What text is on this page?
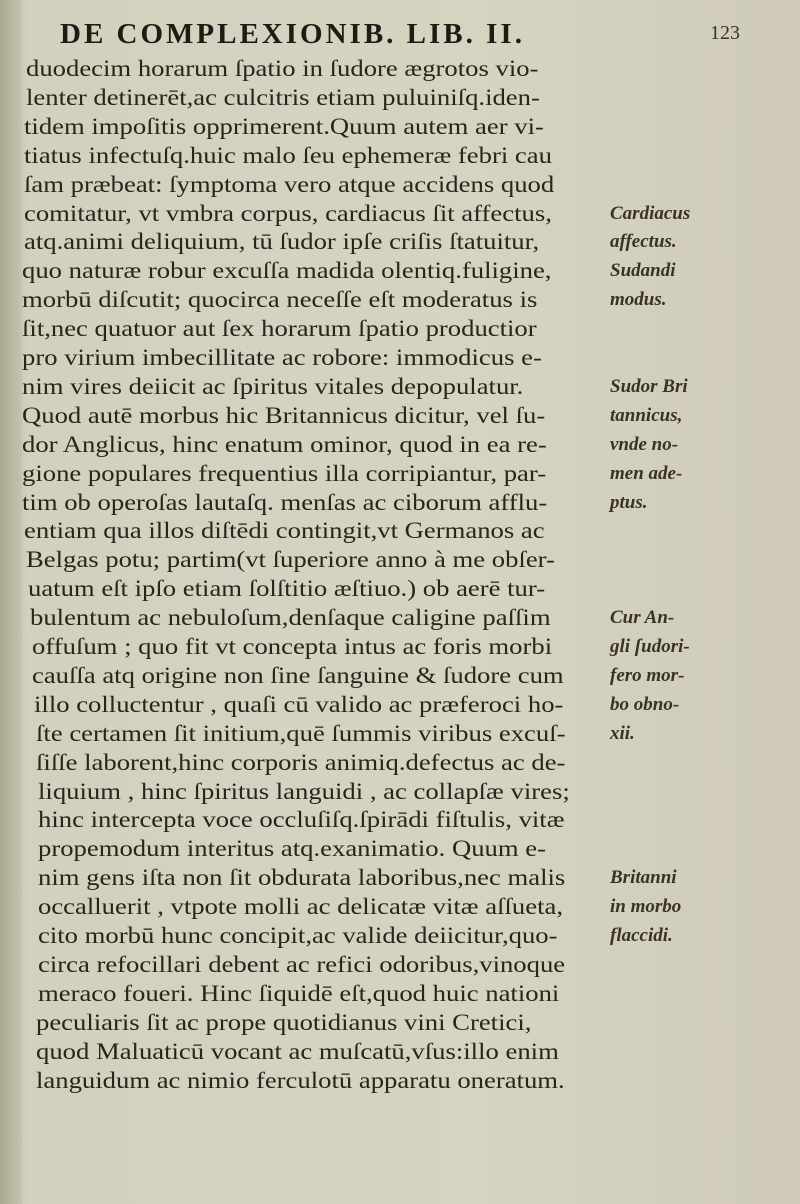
DE COMPLEXIONIB. LIB. II.	123
duodecim horarum ſpatio in ſudore ægrotos vio-
lenter detinerēt,ac culcitris etiam puluiniſq.iden-
tidem impoſitis opprimerent.Quum autem aer vi-
tiatus infectuſq.huic malo ſeu ephemeræ febri cau
ſam præbeat: ſymptoma vero atque accidens quod
comitatur, vt vmbra corpus, cardiacus ſit affectus,	Cardiacus
atq.animi deliquium, tū ſudor ipſe criſis ſtatuitur,	affectus.
quo naturæ robur excuſſa madida olentiq.fuligine,	Sudandi
morbū diſcutit; quocirca neceſſe eſt moderatus is	modus.
ſit,nec quatuor aut ſex horarum ſpatio productior
pro virium imbecillitate ac robore: immodicus e-
nim vires deiicit ac ſpiritus vitales depopulatur.	Sudor Bri
Quod autē morbus hic Britannicus dicitur, vel ſu-	tannicus,
dor Anglicus, hinc enatum ominor, quod in ea re-	vnde no-
gione populares frequentius illa corripiantur, par-	men ade-
tim ob operoſas lautaſq. menſas ac ciborum afflu-	ptus.
entiam qua illos diſtēdi contingit,vt Germanos ac
Belgas potu; partim(vt ſuperiore anno à me obſer-
uatum eſt ipſo etiam ſolſtitio æſtiuo.) ob aerē tur-
bulentum ac nebuloſum,denſaque caligine paſſim	Cur An-
offuſum ; quo fit vt concepta intus ac foris morbi	gli ſudori-
cauſſa atq origine non ſine ſanguine & ſudore cum fero mor-
illo colluctentur , quaſi cū valido ac præferoci ho- bo obno-
ſte certamen ſit initium,quē ſummis viribus excuſ- xii.
ſiſſe laborent,hinc corporis animiq.defectus ac de-
liquium , hinc ſpiritus languidi , ac collapſæ vires;
hinc intercepta voce occluſiſq.ſpirādi fiſtulis, vitæ
propemodum interitus atq.exanimatio. Quum e-
nim gens iſta non ſit obdurata laboribus,nec malis Britanni
occalluerit , vtpote molli ac delicatæ vitæ aſſueta, in morbo
cito morbū hunc concipit,ac valide deiicitur,quo-	flaccidi.
circa refocillari debent ac refici odoribus,vinoque
meraco foueri. Hinc ſiquidē eſt,quod huic nationi
peculiaris ſit ac prope quotidianus vini Cretici,
quod Maluaticū vocant ac muſcatū,vſus:illo enim
languidum ac nimio ferculotū apparatu oneratum.
